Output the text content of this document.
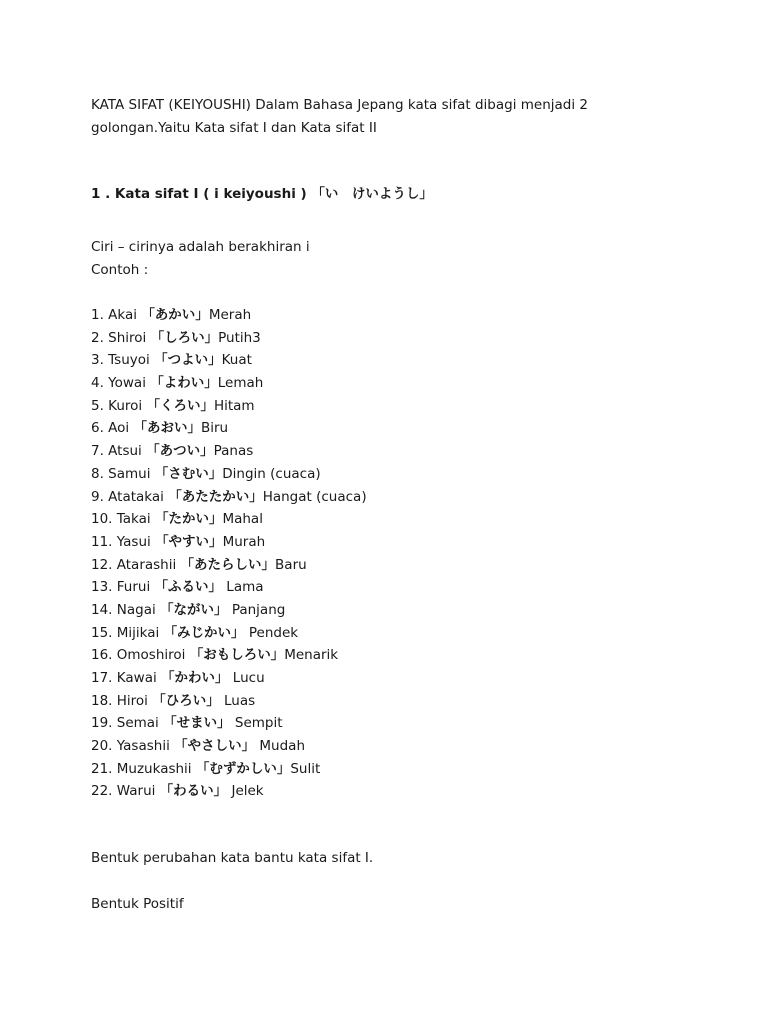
KATA SIFAT (KEIYOUSHI) Dalam Bahasa Jepang kata sifat dibagi menjadi 2

golongan.Yaitu Kata sifat I dan Kata sifat II

1 . Kata sifat I ( i keiyoushi ) 「い　けいようし」
Ciri – cirinya adalah berakhiran i
Contoh :
1. Akai 「あかい」Merah
2. Shiroi 「しろい」Putih3
3. Tsuyoi 「つよい」Kuat
4. Yowai 「よわい」Lemah
5. Kuroi 「くろい」Hitam
6. Aoi 「あおい」Biru
7. Atsui 「あつい」Panas
8. Samui 「さむい」Dingin (cuaca)
9. Atatakai 「あたたかい」Hangat (cuaca)
10. Takai 「たかい」Mahal
11. Yasui 「やすい」Murah
12. Atarashii 「あたらしい」Baru
13. Furui 「ふるい」 Lama
14. Nagai 「ながい」 Panjang
15. Mijikai 「みじかい」 Pendek
16. Omoshiroi 「おもしろい」Menarik
17. Kawai 「かわい」 Lucu
18. Hiroi 「ひろい」 Luas
19. Semai 「せまい」 Sempit
20. Yasashii 「やさしい」 Mudah
21. Muzukashii 「むずかしい」Sulit
22. Warui 「わるい」 Jelek
Bentuk perubahan kata bantu kata sifat I.
Bentuk Positif
